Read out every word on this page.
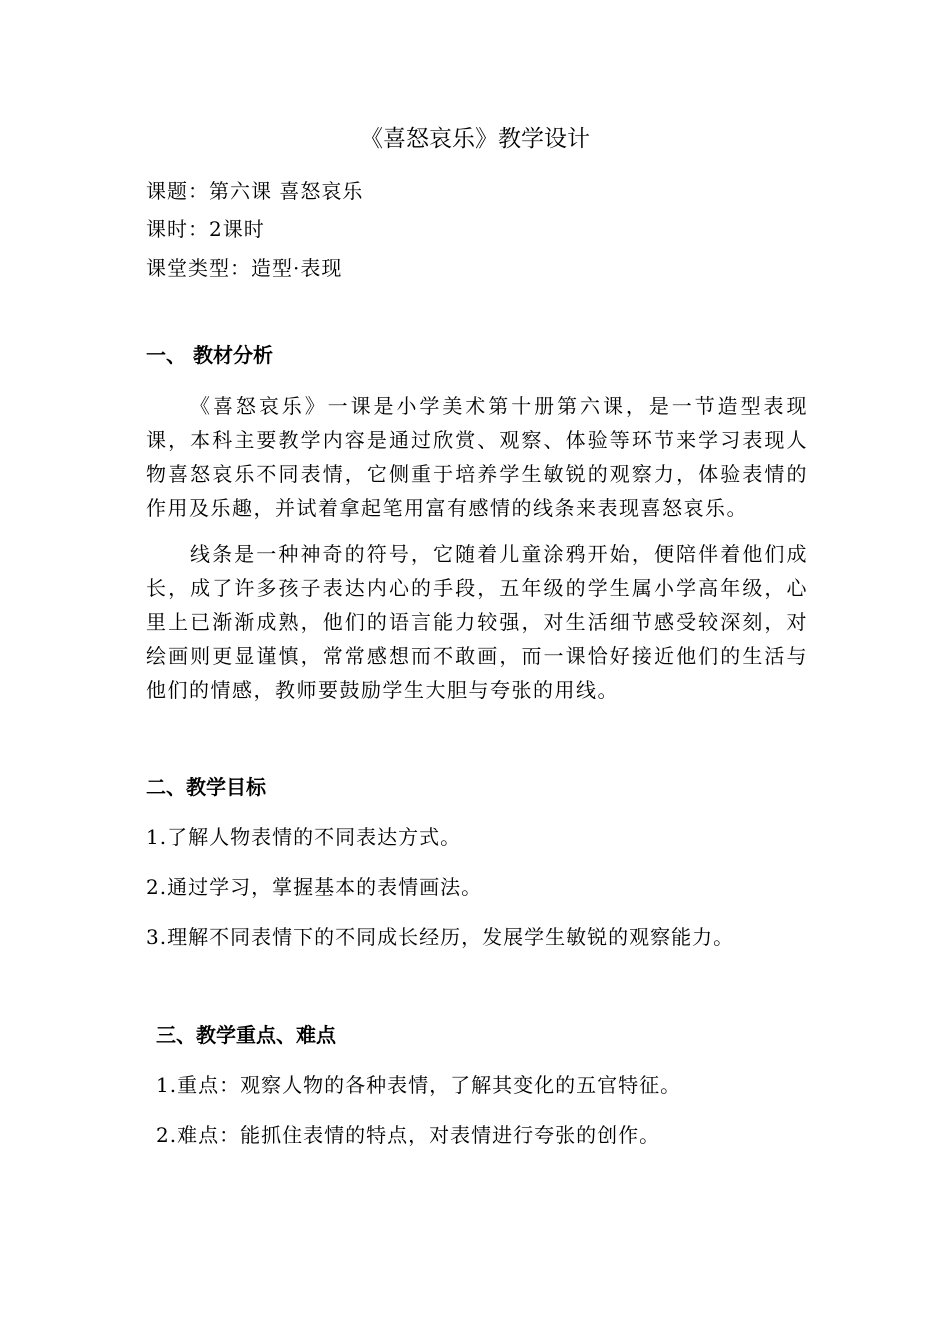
《喜怒哀乐》教学设计
课题：第六课 喜怒哀乐
课时：2课时
课堂类型：造型·表现
一、 教材分析

《喜怒哀乐》一课是小学美术第十册第六课，是一节造型表现课，本科主要教学内容是通过欣赏、观察、体验等环节来学习表现人物喜怒哀乐不同表情，它侧重于培养学生敏锐的观察力，体验表情的作用及乐趣，并试着拿起笔用富有感情的线条来表现喜怒哀乐。

线条是一种神奇的符号，它随着儿童涂鸦开始，便陪伴着他们成长，成了许多孩子表达内心的手段，五年级的学生属小学高年级，心里上已渐渐成熟，他们的语言能力较强，对生活细节感受较深刻，对绘画则更显谨慎，常常感想而不敢画，而一课恰好接近他们的生活与他们的情感，教师要鼓励学生大胆与夸张的用线。

二、教学目标
1.了解人物表情的不同表达方式。
2.通过学习，掌握基本的表情画法。
3.理解不同表情下的不同成长经历，发展学生敏锐的观察能力。
三、教学重点、难点
1.重点：观察人物的各种表情，了解其变化的五官特征。
2.难点：能抓住表情的特点，对表情进行夸张的创作。
